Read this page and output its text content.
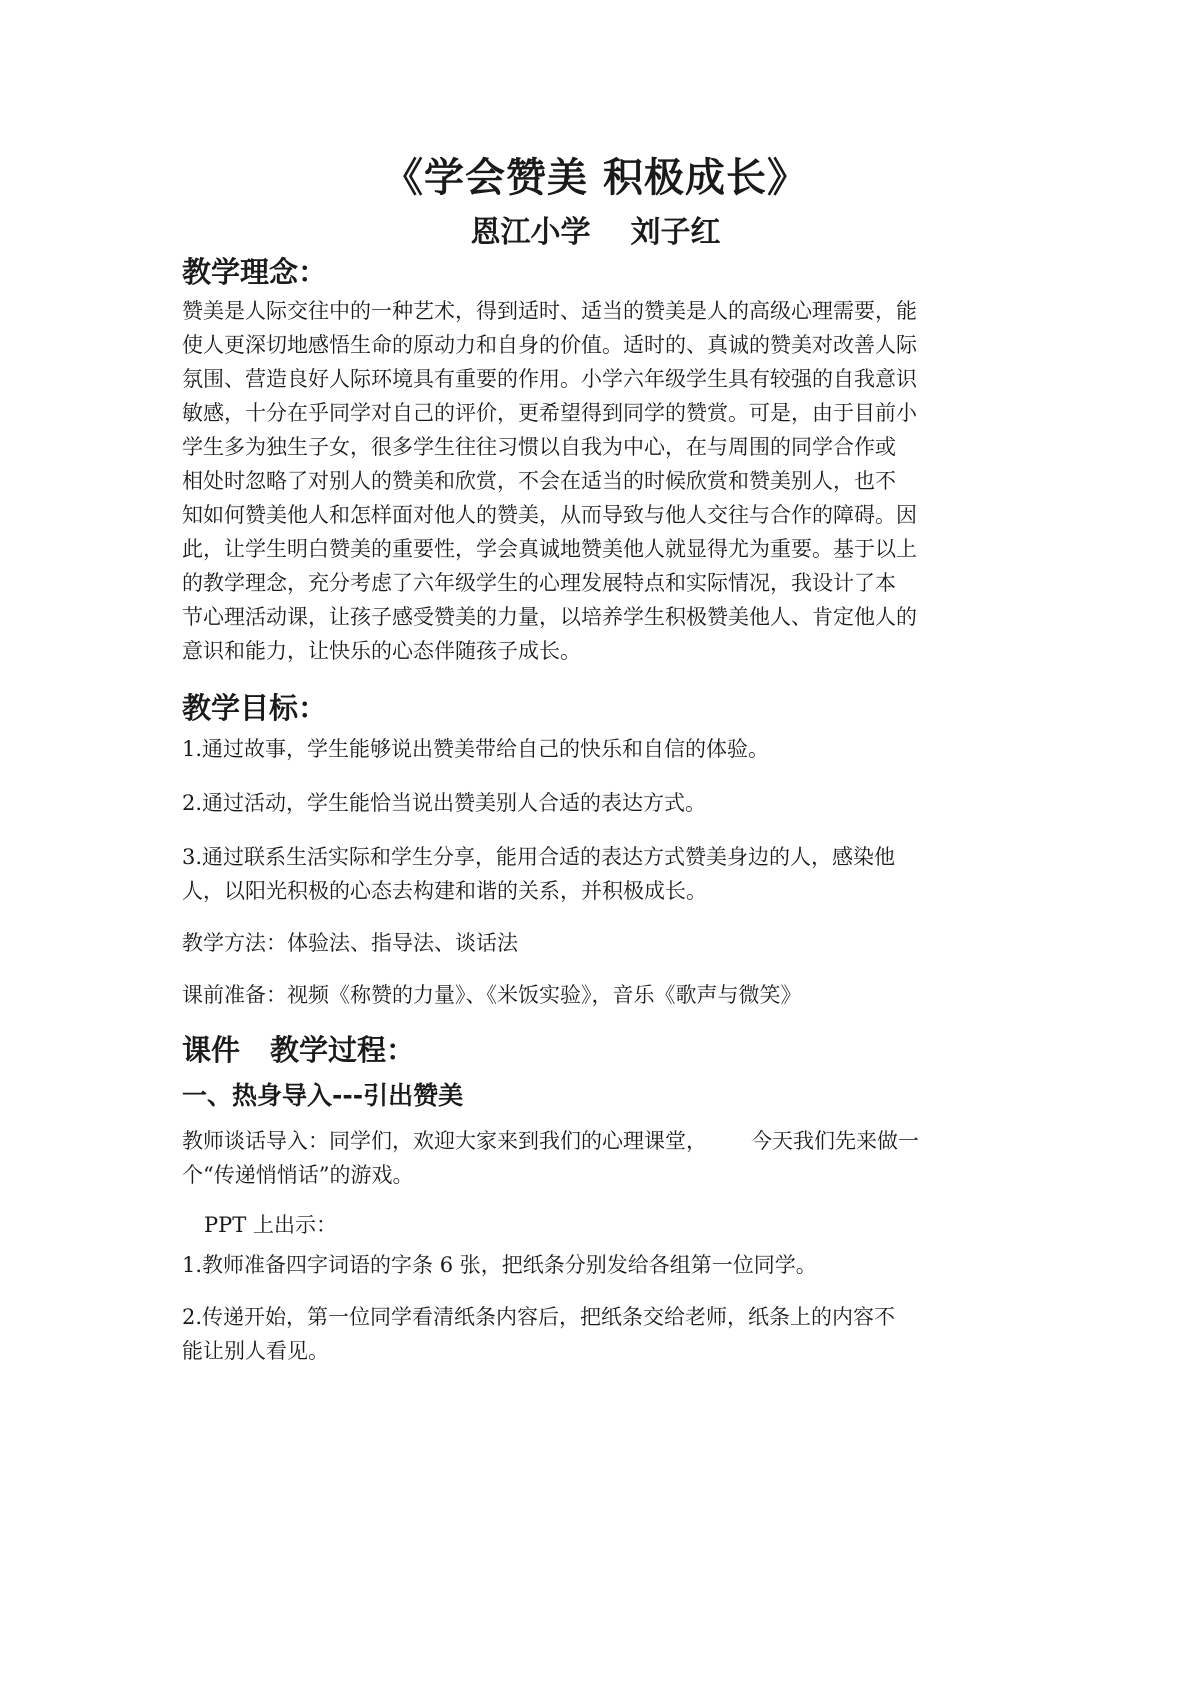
《学会赞美 积极成长》
恩江小学 刘子红
教学理念：
赞美是人际交往中的一种艺术，得到适时、适当的赞美是人的高级心理需要，能
使人更深切地感悟生命的原动力和自身的价值。适时的、真诚的赞美对改善人际
氛围、营造良好人际环境具有重要的作用。小学六年级学生具有较强的自我意识
敏感，十分在乎同学对自己的评价，更希望得到同学的赞赏。可是，由于目前小
学生多为独生子女，很多学生往往习惯以自我为中心，在与周围的同学合作或
相处时忽略了对别人的赞美和欣赏，不会在适当的时候欣赏和赞美别人，也不
知如何赞美他人和怎样面对他人的赞美，从而导致与他人交往与合作的障碍。因
此，让学生明白赞美的重要性，学会真诚地赞美他人就显得尤为重要。基于以上
的教学理念，充分考虑了六年级学生的心理发展特点和实际情况，我设计了本
节心理活动课，让孩子感受赞美的力量，以培养学生积极赞美他人、肯定他人的
意识和能力，让快乐的心态伴随孩子成长。
教学目标：
1.通过故事，学生能够说出赞美带给自己的快乐和自信的体验。
2.通过活动，学生能恰当说出赞美别人合适的表达方式。
3.通过联系生活实际和学生分享，能用合适的表达方式赞美身边的人，感染他
人，以阳光积极的心态去构建和谐的关系，并积极成长。
教学方法：体验法、指导法、谈话法
课前准备：视频《称赞的力量》、《米饭实验》，音乐《歌声与微笑》
课件 教学过程：
一、热身导入---引出赞美
教师谈话导入：同学们，欢迎大家来到我们的心理课堂， 今天我们先来做一
个“传递悄悄话”的游戏。
PPT 上出示：
1.教师准备四字词语的字条 6 张，把纸条分别发给各组第一位同学。
2.传递开始，第一位同学看清纸条内容后，把纸条交给老师，纸条上的内容不
能让别人看见。
